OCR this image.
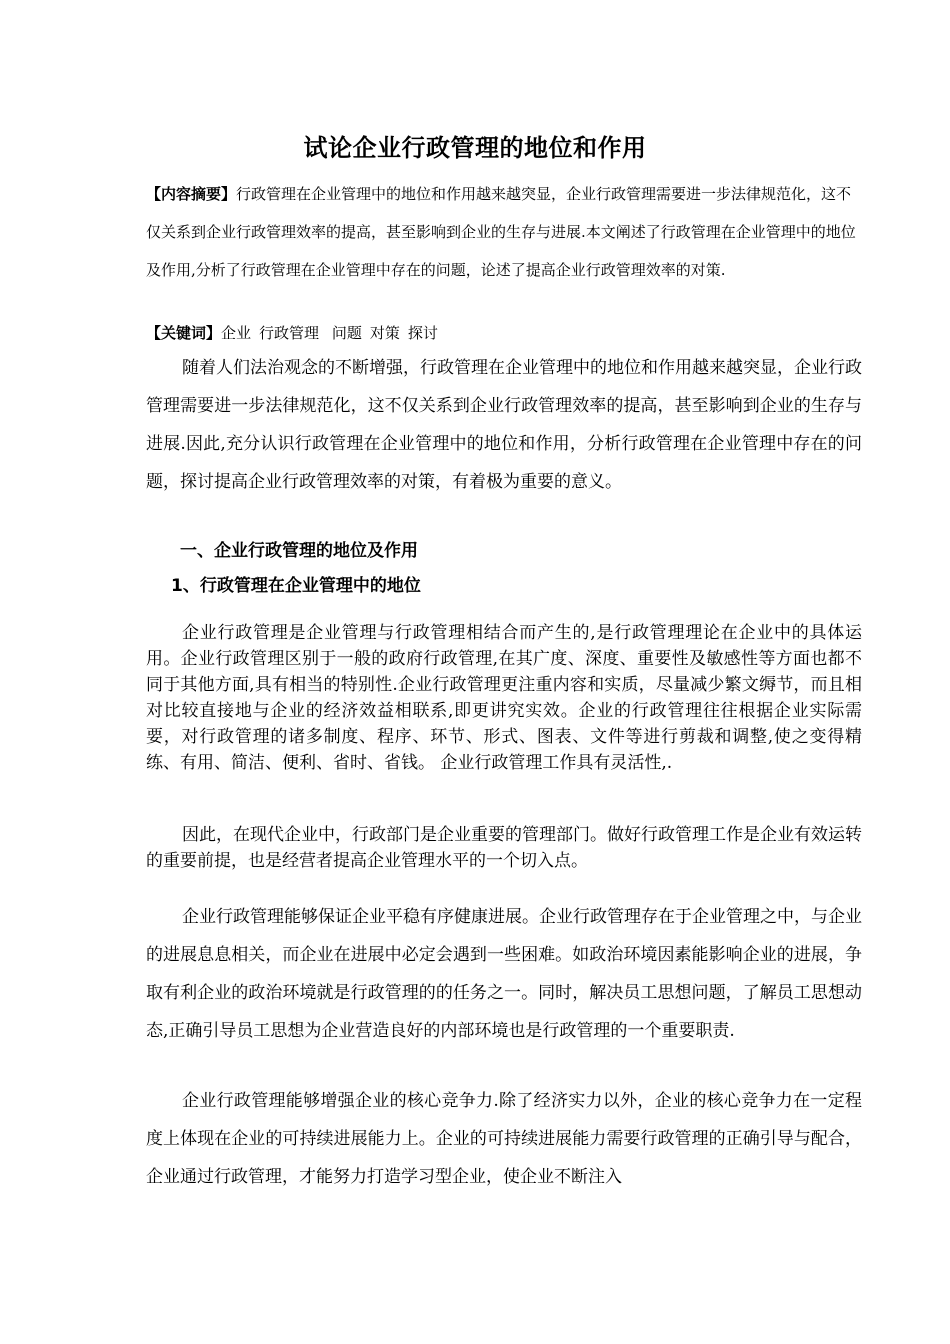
试论企业行政管理的地位和作用
【内容摘要】行政管理在企业管理中的地位和作用越来越突显，企业行政管理需要进一步法律规范化，这不仅关系到企业行政管理效率的提高，甚至影响到企业的生存与进展.本文阐述了行政管理在企业管理中的地位及作用,分析了行政管理在企业管理中存在的问题，论述了提高企业行政管理效率的对策.
【关键词】企业 行政管理 问题 对策 探讨

随着人们法治观念的不断增强，行政管理在企业管理中的地位和作用越来越突显，企业行政管理需要进一步法律规范化，这不仅关系到企业行政管理效率的提高，甚至影响到企业的生存与进展.因此,充分认识行政管理在企业管理中的地位和作用，分析行政管理在企业管理中存在的问题，探讨提高企业行政管理效率的对策，有着极为重要的意义。

一、企业行政管理的地位及作用
1、行政管理在企业管理中的地位

企业行政管理是企业管理与行政管理相结合而产生的,是行政管理理论在企业中的具体运用。企业行政管理区别于一般的政府行政管理,在其广度、深度、重要性及敏感性等方面也都不同于其他方面,具有相当的特别性.企业行政管理更注重内容和实质，尽量减少繁文缛节，而且相对比较直接地与企业的经济效益相联系,即更讲究实效。企业的行政管理往往根据企业实际需要，对行政管理的诸多制度、程序、环节、形式、图表、文件等进行剪裁和调整,使之变得精练、有用、简洁、便利、省时、省钱。 企业行政管理工作具有灵活性,.

因此，在现代企业中，行政部门是企业重要的管理部门。做好行政管理工作是企业有效运转的重要前提，也是经营者提高企业管理水平的一个切入点。

企业行政管理能够保证企业平稳有序健康进展。企业行政管理存在于企业管理之中，与企业的进展息息相关，而企业在进展中必定会遇到一些困难。如政治环境因素能影响企业的进展，争取有利企业的政治环境就是行政管理的的任务之一。同时，解决员工思想问题，了解员工思想动态,正确引导员工思想为企业营造良好的内部环境也是行政管理的一个重要职责.

企业行政管理能够增强企业的核心竞争力.除了经济实力以外，企业的核心竞争力在一定程度上体现在企业的可持续进展能力上。企业的可持续进展能力需要行政管理的正确引导与配合，企业通过行政管理，才能努力打造学习型企业，使企业不断注入
